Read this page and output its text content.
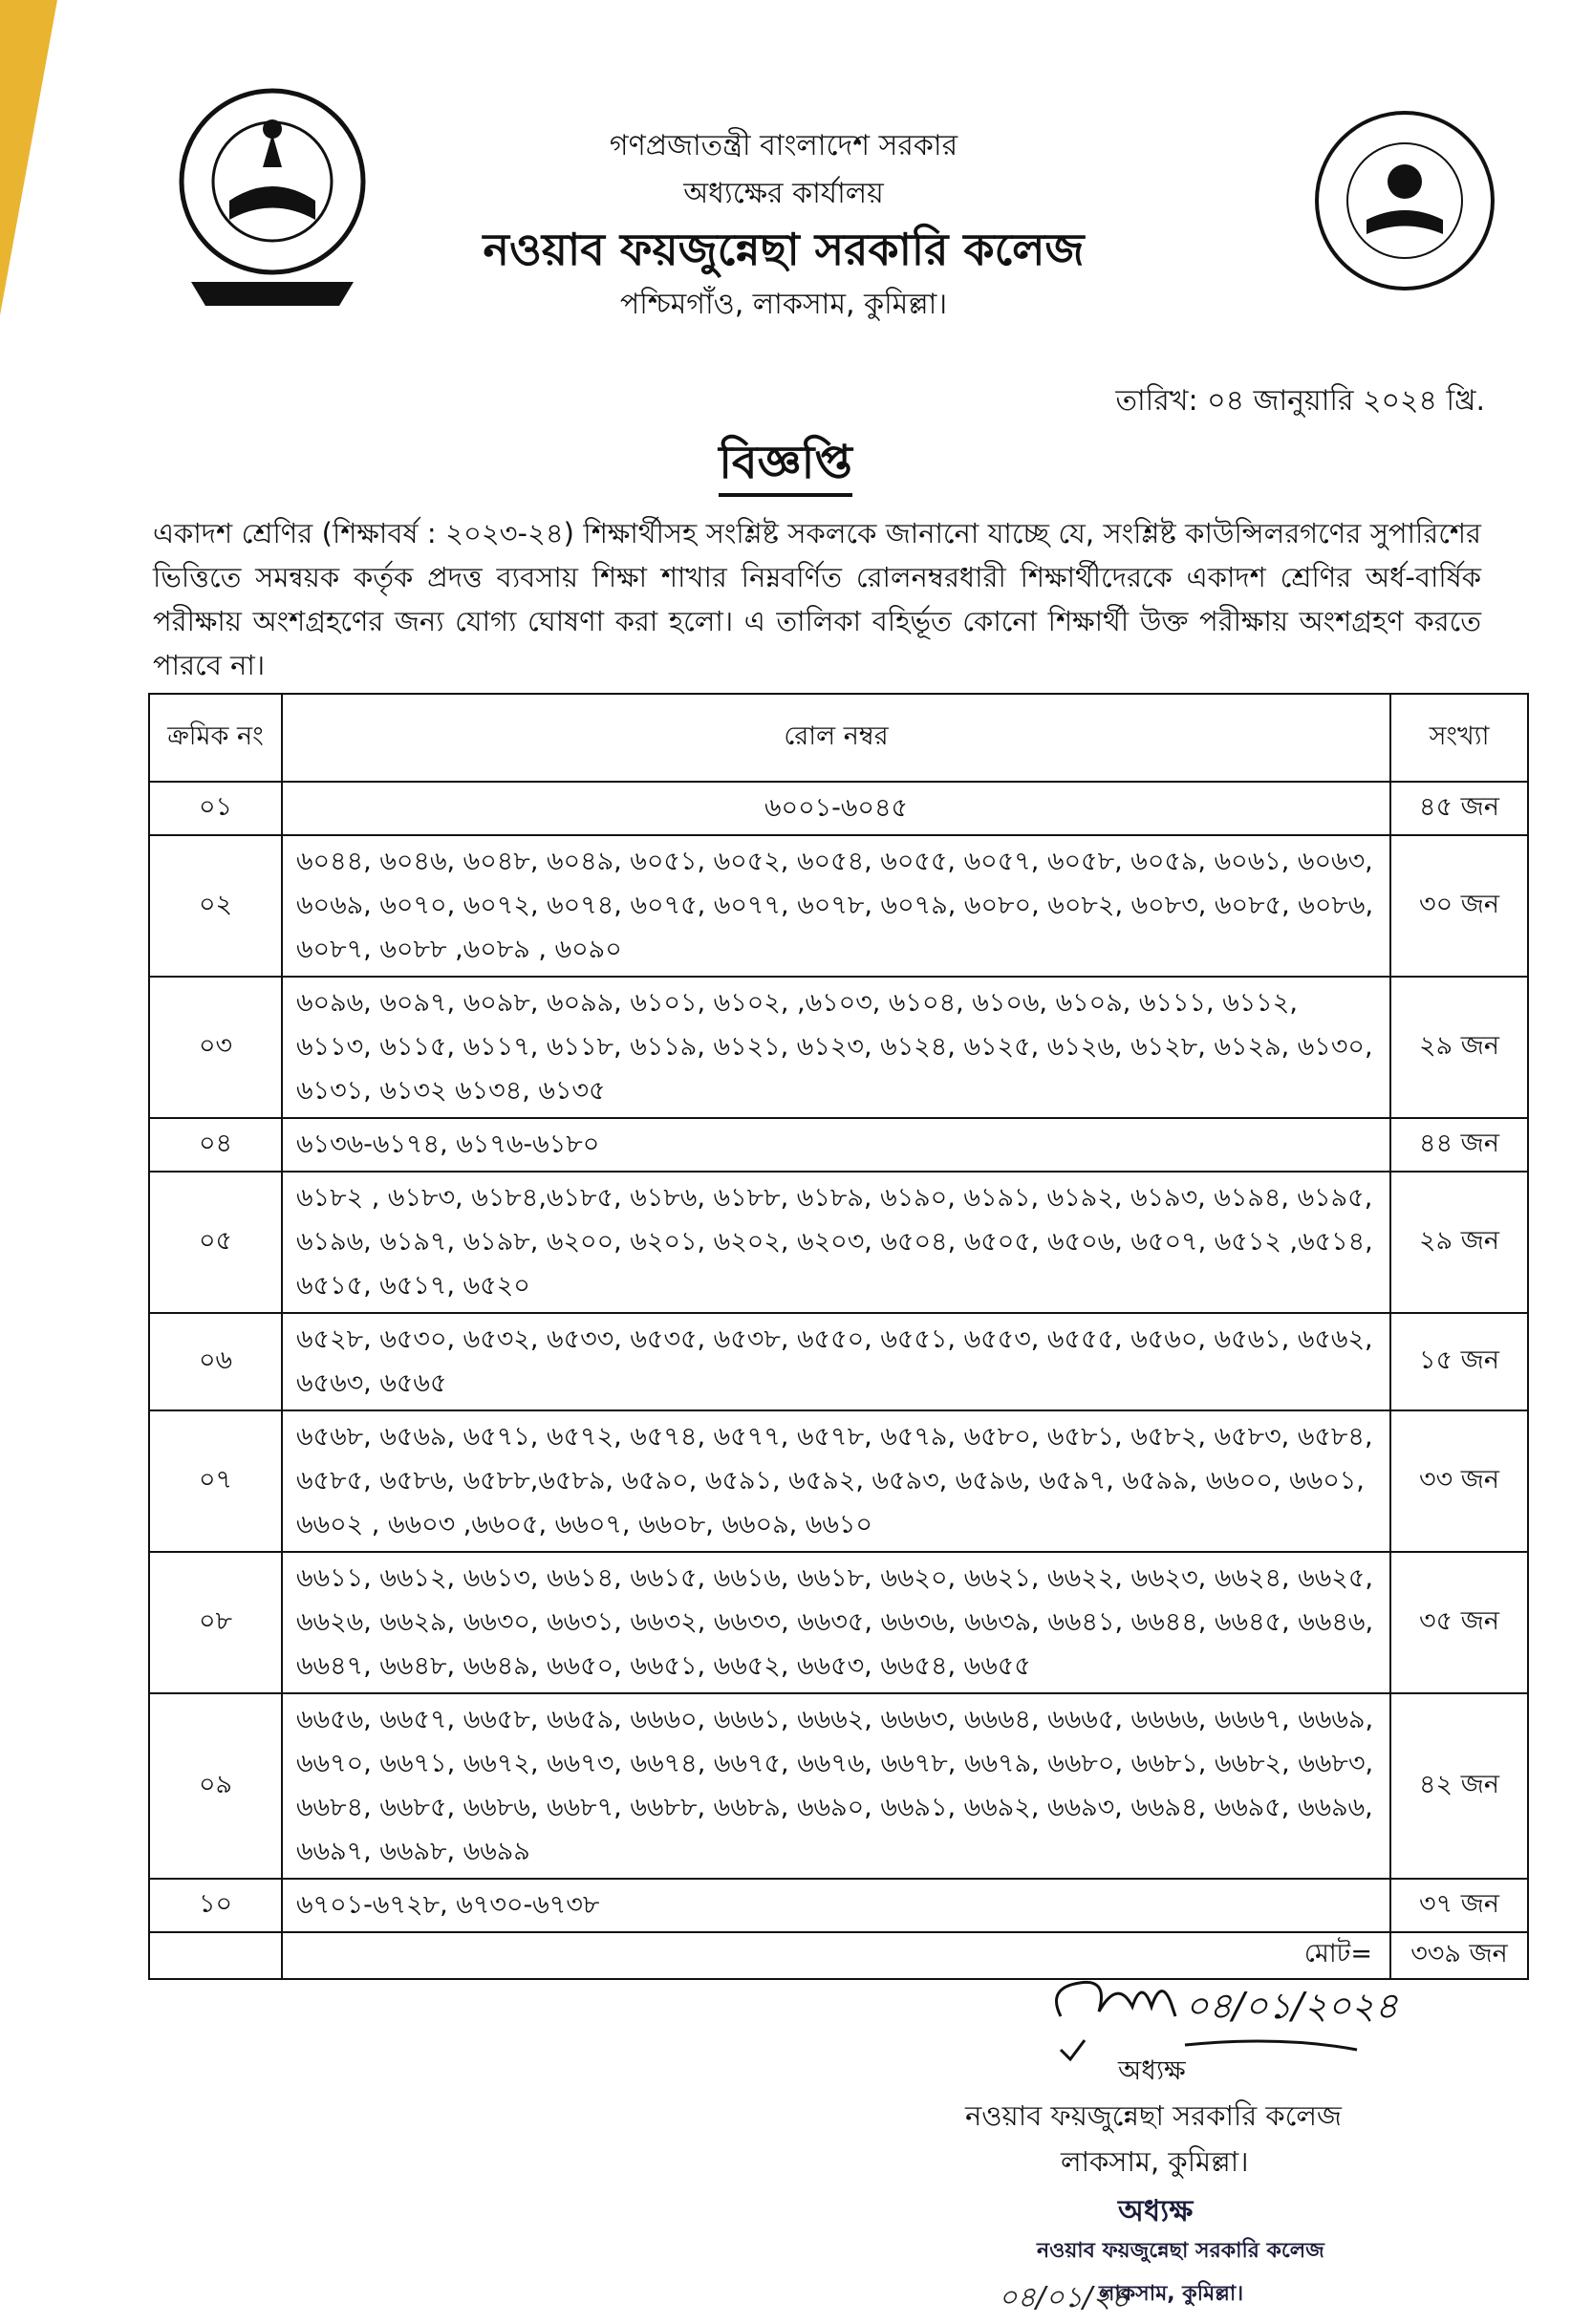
গণপ্রজাতন্ত্রী বাংলাদেশ সরকার
অধ্যক্ষের কার্যালয়
নওয়াব ফয়জুন্নেছা সরকারি কলেজ
পশ্চিমগাঁও, লাকসাম, কুমিল্লা।
তারিখ: ০৪ জানুয়ারি ২০২৪ খ্রি.
বিজ্ঞপ্তি
একাদশ শ্রেণির (শিক্ষাবর্ষ : ২০২৩-২৪) শিক্ষার্থীসহ সংশ্লিষ্ট সকলকে জানানো যাচ্ছে যে, সংশ্লিষ্ট কাউন্সিলরগণের সুপারিশের ভিত্তিতে সমন্বয়ক কর্তৃক প্রদত্ত ব্যবসায় শিক্ষা শাখার নিম্নবর্ণিত রোলনম্বরধারী শিক্ষার্থীদেরকে একাদশ শ্রেণির অর্ধ-বার্ষিক পরীক্ষায় অংশগ্রহণের জন্য যোগ্য ঘোষণা করা হলো। এ তালিকা বহির্ভূত কোনো শিক্ষার্থী উক্ত পরীক্ষায় অংশগ্রহণ করতে পারবে না।
ক্রমিক নং	রোল নম্বর	সংখ্যা
০১	৬০০১-৬০৪৫	৪৫ জন
০২	৬০৪৪, ৬০৪৬, ৬০৪৮, ৬০৪৯, ৬০৫১, ৬০৫২, ৬০৫৪, ৬০৫৫, ৬০৫৭, ৬০৫৮, ৬০৫৯, ৬০৬১, ৬০৬৩, ৬০৬৯, ৬০৭০, ৬০৭২, ৬০৭৪, ৬০৭৫, ৬০৭৭, ৬০৭৮, ৬০৭৯, ৬০৮০, ৬০৮২, ৬০৮৩, ৬০৮৫, ৬০৮৬, ৬০৮৭, ৬০৮৮ ,৬০৮৯ , ৬০৯০	৩০ জন
০৩	৬০৯৬, ৬০৯৭, ৬০৯৮, ৬০৯৯, ৬১০১, ৬১০২, ,৬১০৩, ৬১০৪, ৬১০৬, ৬১০৯, ৬১১১, ৬১১২, ৬১১৩, ৬১১৫, ৬১১৭, ৬১১৮, ৬১১৯, ৬১২১, ৬১২৩, ৬১২৪, ৬১২৫, ৬১২৬, ৬১২৮, ৬১২৯, ৬১৩০, ৬১৩১, ৬১৩২ ৬১৩৪, ৬১৩৫	২৯ জন
০৪	৬১৩৬-৬১৭৪, ৬১৭৬-৬১৮০	৪৪ জন
০৫	৬১৮২ , ৬১৮৩, ৬১৮৪,৬১৮৫, ৬১৮৬, ৬১৮৮, ৬১৮৯, ৬১৯০, ৬১৯১, ৬১৯২, ৬১৯৩, ৬১৯৪, ৬১৯৫, ৬১৯৬, ৬১৯৭, ৬১৯৮, ৬২০০, ৬২০১, ৬২০২, ৬২০৩, ৬৫০৪, ৬৫০৫, ৬৫০৬, ৬৫০৭, ৬৫১২ ,৬৫১৪, ৬৫১৫, ৬৫১৭, ৬৫২০	২৯ জন
০৬	৬৫২৮, ৬৫৩০, ৬৫৩২, ৬৫৩৩, ৬৫৩৫, ৬৫৩৮, ৬৫৫০, ৬৫৫১, ৬৫৫৩, ৬৫৫৫, ৬৫৬০, ৬৫৬১, ৬৫৬২, ৬৫৬৩, ৬৫৬৫	১৫ জন
০৭	৬৫৬৮, ৬৫৬৯, ৬৫৭১, ৬৫৭২, ৬৫৭৪, ৬৫৭৭, ৬৫৭৮, ৬৫৭৯, ৬৫৮০, ৬৫৮১, ৬৫৮২, ৬৫৮৩, ৬৫৮৪, ৬৫৮৫, ৬৫৮৬, ৬৫৮৮,৬৫৮৯, ৬৫৯০, ৬৫৯১, ৬৫৯২, ৬৫৯৩, ৬৫৯৬, ৬৫৯৭, ৬৫৯৯, ৬৬০০, ৬৬০১, ৬৬০২ , ৬৬০৩ ,৬৬০৫, ৬৬০৭, ৬৬০৮, ৬৬০৯, ৬৬১০	৩৩ জন
০৮	৬৬১১, ৬৬১২, ৬৬১৩, ৬৬১৪, ৬৬১৫, ৬৬১৬, ৬৬১৮, ৬৬২০, ৬৬২১, ৬৬২২, ৬৬২৩, ৬৬২৪, ৬৬২৫, ৬৬২৬, ৬৬২৯, ৬৬৩০, ৬৬৩১, ৬৬৩২, ৬৬৩৩, ৬৬৩৫, ৬৬৩৬, ৬৬৩৯, ৬৬৪১, ৬৬৪৪, ৬৬৪৫, ৬৬৪৬, ৬৬৪৭, ৬৬৪৮, ৬৬৪৯, ৬৬৫০, ৬৬৫১, ৬৬৫২, ৬৬৫৩, ৬৬৫৪, ৬৬৫৫	৩৫ জন
০৯	৬৬৫৬, ৬৬৫৭, ৬৬৫৮, ৬৬৫৯, ৬৬৬০, ৬৬৬১, ৬৬৬২, ৬৬৬৩, ৬৬৬৪, ৬৬৬৫, ৬৬৬৬, ৬৬৬৭, ৬৬৬৯, ৬৬৭০, ৬৬৭১, ৬৬৭২, ৬৬৭৩, ৬৬৭৪, ৬৬৭৫, ৬৬৭৬, ৬৬৭৮, ৬৬৭৯, ৬৬৮০, ৬৬৮১, ৬৬৮২, ৬৬৮৩, ৬৬৮৪, ৬৬৮৫, ৬৬৮৬, ৬৬৮৭, ৬৬৮৮, ৬৬৮৯, ৬৬৯০, ৬৬৯১, ৬৬৯২, ৬৬৯৩, ৬৬৯৪, ৬৬৯৫, ৬৬৯৬, ৬৬৯৭, ৬৬৯৮, ৬৬৯৯	৪২ জন
১০	৬৭০১-৬৭২৮, ৬৭৩০-৬৭৩৮	৩৭ জন
	মোট=	৩৩৯ জন
০৪/০১/২০২৪
অধ্যক্ষ
নওয়াব ফয়জুন্নেছা সরকারি কলেজ
লাকসাম, কুমিল্লা।
অধ্যক্ষ
নওয়াব ফয়জুন্নেছা সরকারি কলেজ
লাকসাম, কুমিল্লা।
০৪/০১/২৪
